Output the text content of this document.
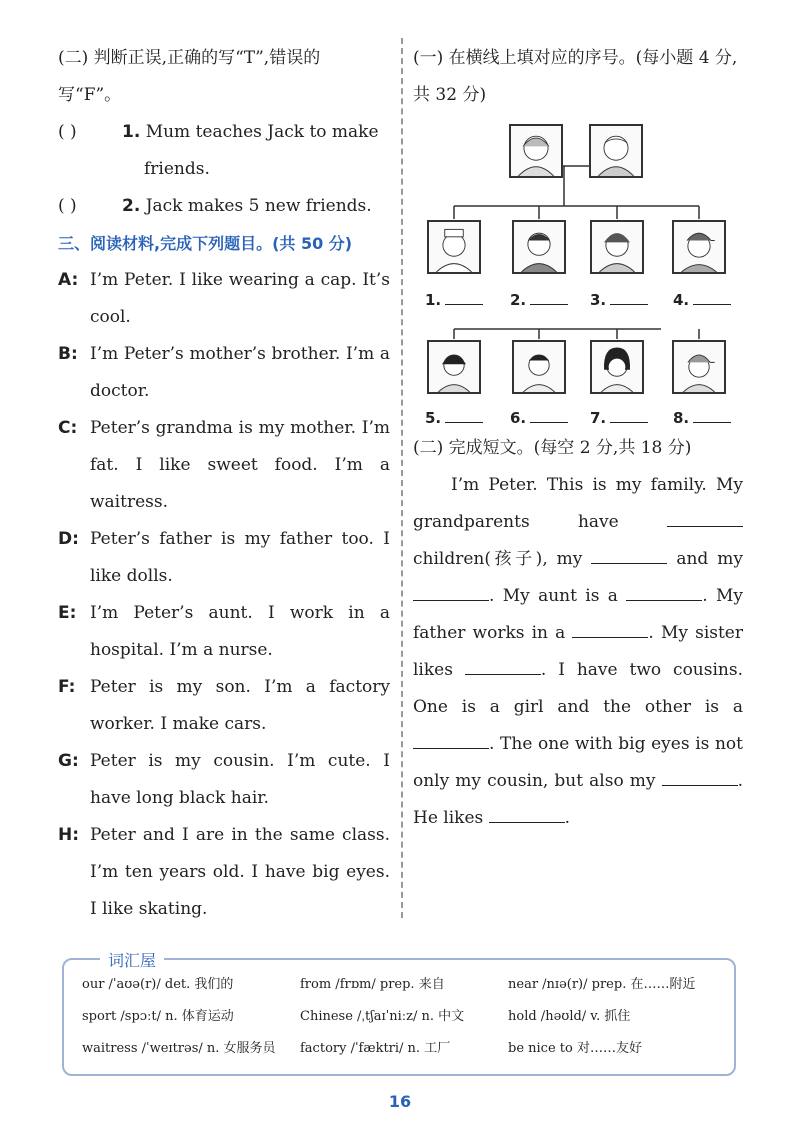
(二) 判断正误,正确的写“T”,错误的
写“F”。

( )	1. Mum teaches Jack to make
friends.
( )	2. Jack makes 5 new friends.
三、阅读材料,完成下列题目。(共 50 分)
A: I’m Peter. I like wearing a cap. It’s cool.
B: I’m Peter’s mother’s brother. I’m a doctor.
C: Peter’s grandma is my mother. I’m fat. I like sweet food. I’m a waitress.
D: Peter’s father is my father too. I like dolls.
E: I’m Peter’s aunt. I work in a hospital. I’m a nurse.
F: Peter is my son. I’m a factory worker. I make cars.
G: Peter is my cousin. I’m cute. I have long black hair.
H: Peter and I are in the same class. I’m ten years old. I have big eyes. I like skating.

(一) 在横线上填对应的序号。(每小题 4 分,共 32 分)

1.	2.	3.	4.
5.	6.	7.	8.

(二) 完成短文。(每空 2 分,共 18 分)

I’m Peter. This is my family. My grandparents have  children(孩子), my	and my . My aunt is a	. My father works in a	. My sister likes	. I have two cousins. One is a girl and the other is a . The one with big eyes is not only my cousin, but also my	. He likes	.

词汇屋
our /ˈaʊə(r)/ det. 我们的	from /frɒm/ prep. 来自	near /nɪə(r)/ prep. 在……附近
sport /spɔːt/ n. 体育运动	Chinese /ˌtʃaɪˈniːz/ n. 中文	hold /həʊld/ v. 抓住
waitress /ˈweɪtrəs/ n. 女服务员	factory /ˈfæktri/ n. 工厂	be nice to 对……友好
16
